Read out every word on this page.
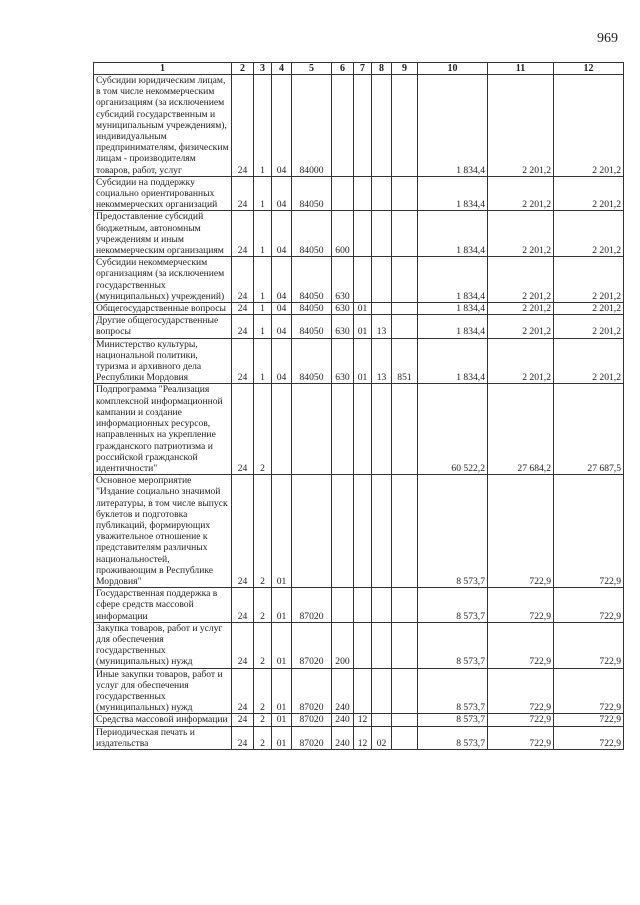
969
1	2	3	4	5	6	7	8	9	10	11	12
Субсидии юридическим лицам, в том числе некоммерческим организациям (за исключением субсидий государственным и муниципальным учреждениям), индивидуальным предпринимателям, физическим лицам - производителям товаров, работ, услуг	24	1	04	84000					1 834,4	2 201,2	2 201,2
Субсидии на поддержку социально ориентированных некоммерческих организаций	24	1	04	84050					1 834,4	2 201,2	2 201,2
Предоставление субсидий бюджетным, автономным учреждениям и иным некоммерческим организациям	24	1	04	84050	600				1 834,4	2 201,2	2 201,2
Субсидии некоммерческим организациям (за исключением государственных (муниципальных) учреждений)	24	1	04	84050	630				1 834,4	2 201,2	2 201,2
Общегосударственные вопросы	24	1	04	84050	630	01			1 834,4	2 201,2	2 201,2
Другие общегосударственные вопросы	24	1	04	84050	630	01	13		1 834,4	2 201,2	2 201,2
Министерство культуры, национальной политики, туризма и архивного дела Республики Мордовия	24	1	04	84050	630	01	13	851	1 834,4	2 201,2	2 201,2
Подпрограмма "Реализация комплексной информационной кампании и создание информационных ресурсов, направленных на укрепление гражданского патриотизма и российской гражданской идентичности"	24	2							60 522,2	27 684,2	27 687,5
Основное мероприятие "Издание социально значимой литературы, в том числе выпуск буклетов и подготовка публикаций, формирующих уважительное отношение к представителям различных национальностей, проживающим в Республике Мордовия"	24	2	01						8 573,7	722,9	722,9
Государственная поддержка в сфере средств массовой информации	24	2	01	87020					8 573,7	722,9	722,9
Закупка товаров, работ и услуг для обеспечения государственных (муниципальных) нужд	24	2	01	87020	200				8 573,7	722,9	722,9
Иные закупки товаров, работ и услуг для обеспечения государственных (муниципальных) нужд	24	2	01	87020	240				8 573,7	722,9	722,9
Средства массовой информации	24	2	01	87020	240	12			8 573,7	722,9	722,9
Периодическая печать и издательства	24	2	01	87020	240	12	02		8 573,7	722,9	722,9
